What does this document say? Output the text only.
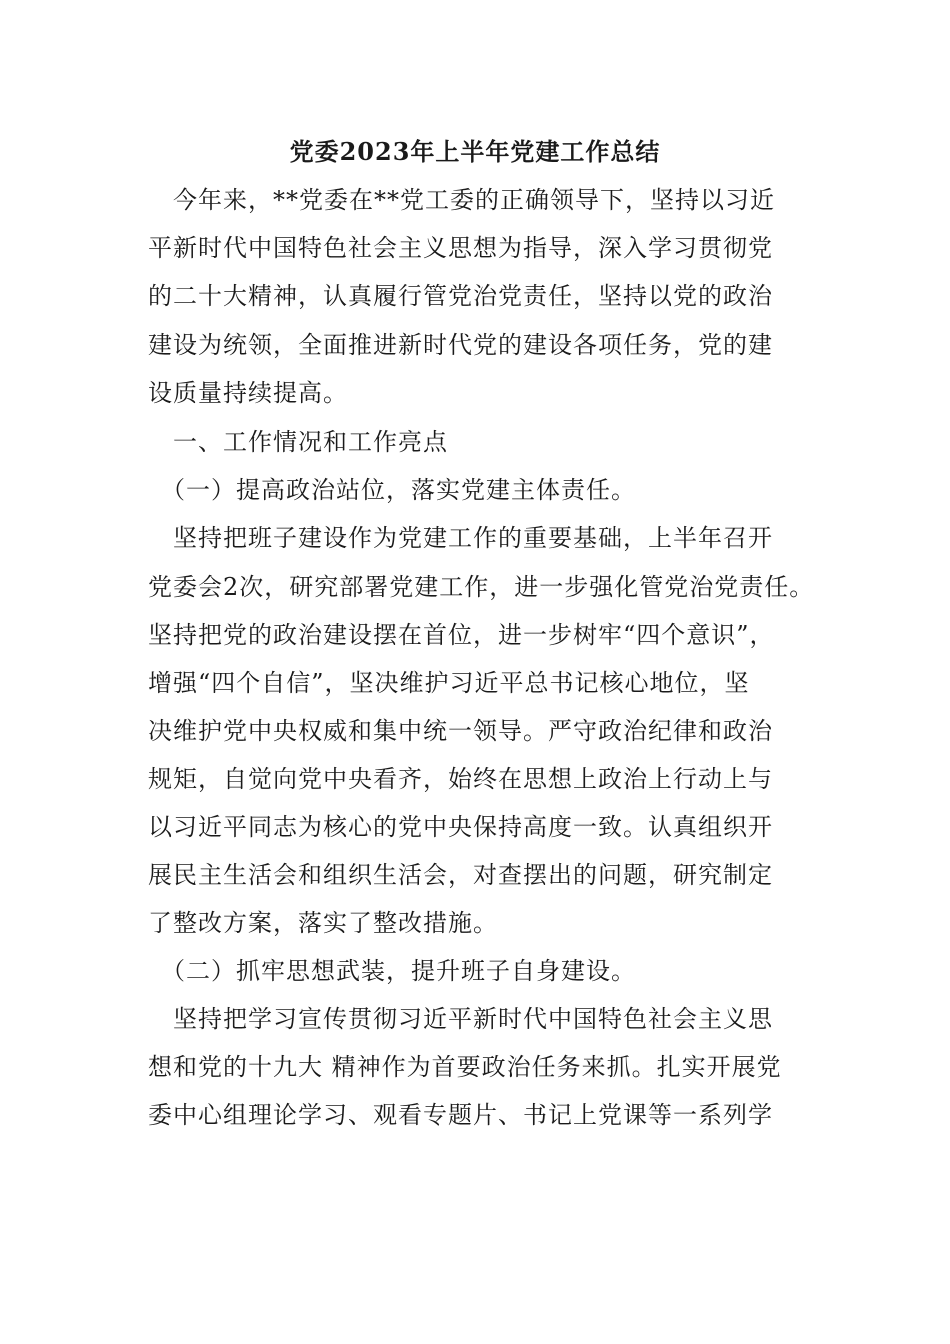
党委2023年上半年党建工作总结
　今年来，**党委在**党工委的正确领导下，坚持以习近
平新时代中国特色社会主义思想为指导，深入学习贯彻党
的二十大精神，认真履行管党治党责任，坚持以党的政治
建设为统领，全面推进新时代党的建设各项任务，党的建
设质量持续提高。
　一、工作情况和工作亮点
　（一）提高政治站位，落实党建主体责任。
　坚持把班子建设作为党建工作的重要基础，上半年召开
党委会2次，研究部署党建工作，进一步强化管党治党责任。
坚持把党的政治建设摆在首位，进一步树牢“四个意识”，
增强“四个自信”，坚决维护习近平总书记核心地位，坚
决维护党中央权威和集中统一领导。严守政治纪律和政治
规矩，自觉向党中央看齐，始终在思想上政治上行动上与
以习近平同志为核心的党中央保持高度一致。认真组织开
展民主生活会和组织生活会，对查摆出的问题，研究制定
了整改方案，落实了整改措施。
　（二）抓牢思想武装，提升班子自身建设。
　坚持把学习宣传贯彻习近平新时代中国特色社会主义思
想和党的十九大 精神作为首要政治任务来抓。扎实开展党
委中心组理论学习、观看专题片、书记上党课等一系列学
